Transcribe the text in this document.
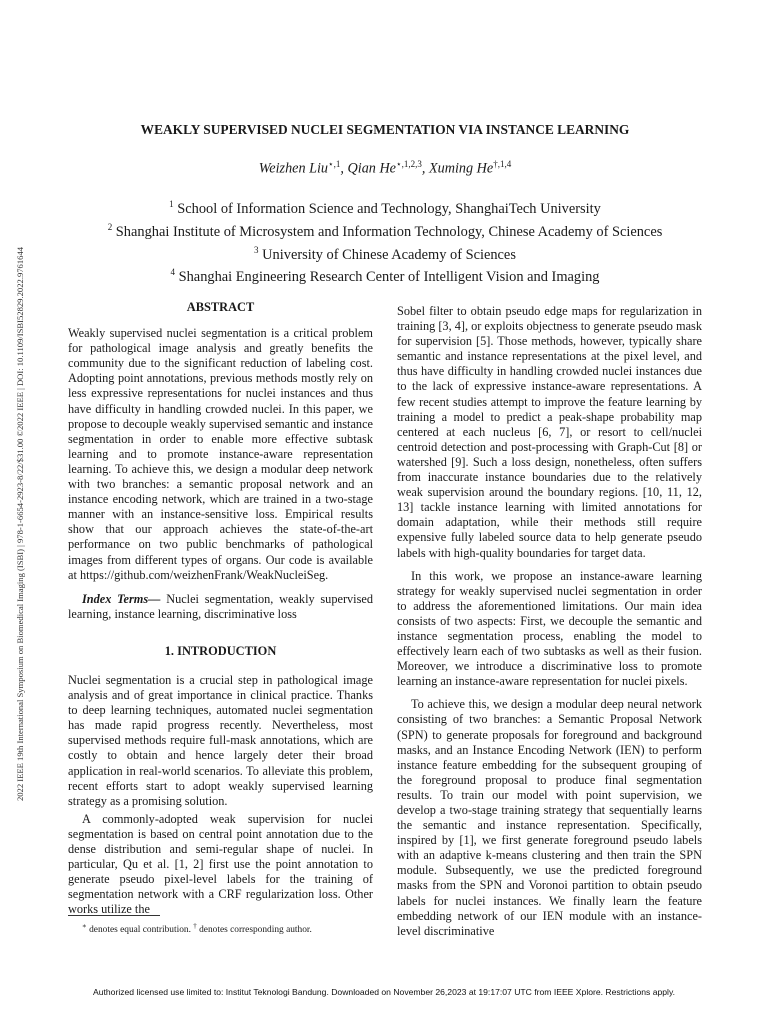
2022 IEEE 19th International Symposium on Biomedical Imaging (ISBI) | 978-1-6654-2923-8/22/$31.00 ©2022 IEEE | DOI: 10.1109/ISBI52829.2022.9761644
WEAKLY SUPERVISED NUCLEI SEGMENTATION VIA INSTANCE LEARNING
Weizhen Liu$^{⋆,1}$, Qian $He^{⋆,1,2,3}$, Xuming $He^{\dagger,1,4}$
$^1$ School of Information Science and Technology, ShanghaiTech University
$^2$ Shanghai Institute of Microsystem and Information Technology, Chinese Academy of Sciences
$^3$ University of Chinese Academy of Sciences
$^4$ Shanghai Engineering Research Center of Intelligent Vision and Imaging
ABSTRACT

Weakly supervised nuclei segmentation is a critical problem for pathological image analysis and greatly benefits the community due to the significant reduction of labeling cost. Adopting point annotations, previous methods mostly rely on less expressive representations for nuclei instances and thus have difficulty in handling crowded nuclei. In this paper, we propose to decouple weakly supervised semantic and instance segmentation in order to enable more effective subtask learning and to promote instance-aware representation learning. To achieve this, we design a modular deep network with two branches: a semantic proposal network and an instance encoding network, which are trained in a two-stage manner with an instance-sensitive loss. Empirical results show that our approach achieves the state-of-the-art performance on two public benchmarks of pathological images from different types of organs. Our code is available at https://github.com/weizhenFrank/WeakNucleiSeg.

Index Terms— Nuclei segmentation, weakly supervised learning, instance learning, discriminative loss

1. INTRODUCTION

Nuclei segmentation is a crucial step in pathological image analysis and of great importance in clinical practice. Thanks to deep learning techniques, automated nuclei segmentation has made rapid progress recently. Nevertheless, most supervised methods require full-mask annotations, which are costly to obtain and hence largely deter their broad application in real-world scenarios. To alleviate this problem, recent efforts start to adopt weakly supervised learning strategy as a promising solution.

A commonly-adopted weak supervision for nuclei segmentation is based on central point annotation due to the dense distribution and semi-regular shape of nuclei. In particular, Qu et al. [1, 2] first use the point annotation to generate pseudo pixel-level labels for the training of segmentation network with a CRF regularization loss. Other works utilize the

Sobel filter to obtain pseudo edge maps for regularization in training [3, 4], or exploits objectness to generate pseudo mask for supervision [5]. Those methods, however, typically share semantic and instance representations at the pixel level, and thus have difficulty in handling crowded nuclei instances due to the lack of expressive instance-aware representations. A few recent studies attempt to improve the feature learning by training a model to predict a peak-shape probability map centered at each nucleus [6, 7], or resort to cell/nuclei centroid detection and post-processing with Graph-Cut [8] or watershed [9]. Such a loss design, nonetheless, often suffers from inaccurate instance boundaries due to the relatively weak supervision around the boundary regions. [10, 11, 12, 13] tackle instance learning with limited annotations for domain adaptation, while their methods still require expensive fully labeled source data to help generate pseudo labels with high-quality boundaries for target data.

In this work, we propose an instance-aware learning strategy for weakly supervised nuclei segmentation in order to address the aforementioned limitations. Our main idea consists of two aspects: First, we decouple the semantic and instance segmentation process, enabling the model to effectively learn each of two subtasks as well as their fusion. Moreover, we introduce a discriminative loss to promote learning an instance-aware representation for nuclei pixels.

To achieve this, we design a modular deep neural network consisting of two branches: a Semantic Proposal Network (SPN) to generate proposals for foreground and background masks, and an Instance Encoding Network (IEN) to perform instance feature embedding for the subsequent grouping of the foreground proposal to produce final segmentation results. To train our model with point supervision, we develop a two-stage training strategy that sequentially learns the semantic and instance representation. Specifically, inspired by [1], we first generate foreground pseudo labels with an adaptive k-means clustering and then train the SPN module. Subsequently, we use the predicted foreground masks from the SPN and Voronoi partition to obtain pseudo labels for nuclei instances. We finally learn the feature embedding network of our IEN module with an instance-level discriminative

∗ denotes equal contribution. † denotes corresponding author.
Authorized licensed use limited to: Institut Teknologi Bandung. Downloaded on November 26,2023 at 19:17:07 UTC from IEEE Xplore. Restrictions apply.
